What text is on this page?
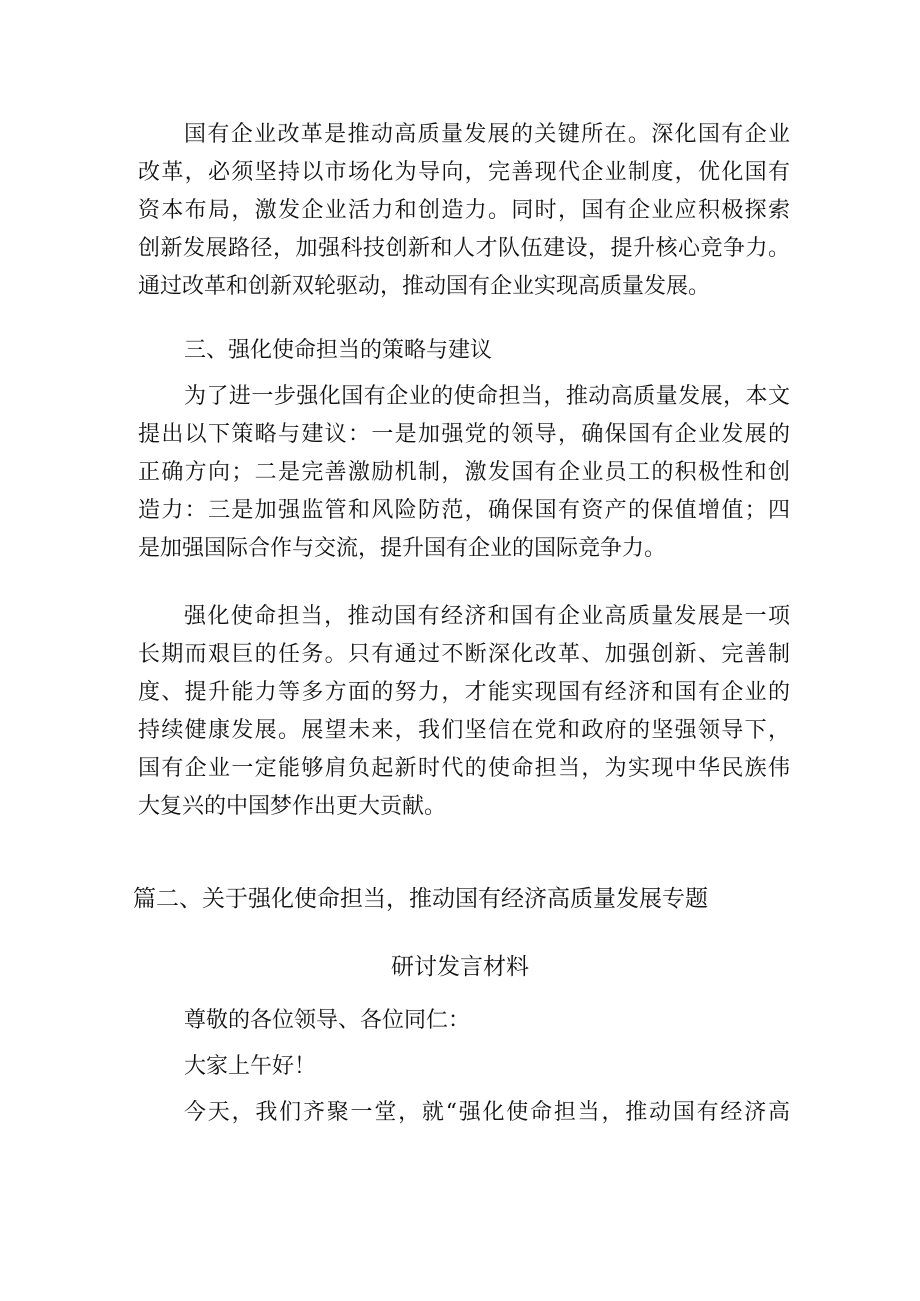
国有企业改革是推动高质量发展的关键所在。深化国有企业
改革，必须坚持以市场化为导向，完善现代企业制度，优化国有
资本布局，激发企业活力和创造力。同时，国有企业应积极探索
创新发展路径，加强科技创新和人才队伍建设，提升核心竞争力。
通过改革和创新双轮驱动，推动国有企业实现高质量发展。
三、强化使命担当的策略与建议
为了进一步强化国有企业的使命担当，推动高质量发展，本文
提出以下策略与建议：一是加强党的领导，确保国有企业发展的
正确方向；二是完善激励机制，激发国有企业员工的积极性和创
造力：三是加强监管和风险防范，确保国有资产的保值增值；四
是加强国际合作与交流，提升国有企业的国际竞争力。
强化使命担当，推动国有经济和国有企业高质量发展是一项
长期而艰巨的任务。只有通过不断深化改革、加强创新、完善制
度、提升能力等多方面的努力，才能实现国有经济和国有企业的
持续健康发展。展望未来，我们坚信在党和政府的坚强领导下，
国有企业一定能够肩负起新时代的使命担当，为实现中华民族伟
大复兴的中国梦作出更大贡献。
篇二、关于强化使命担当，推动国有经济高质量发展专题
研讨发言材料
尊敬的各位领导、各位同仁：
大家上午好！
今天，我们齐聚一堂，就“强化使命担当，推动国有经济高
